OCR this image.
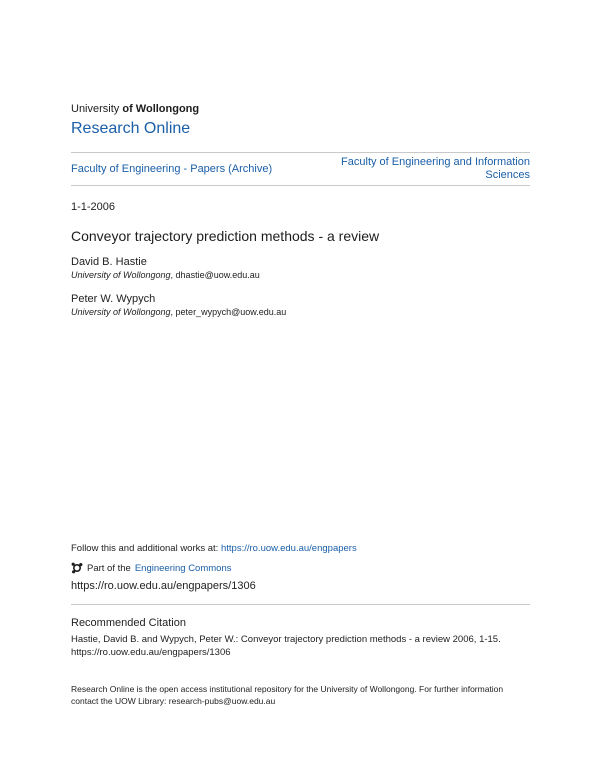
University of Wollongong
Research Online
Faculty of Engineering - Papers (Archive)
Faculty of Engineering and Information
Sciences
1-1-2006
Conveyor trajectory prediction methods - a review
David B. Hastie
University of Wollongong, dhastie@uow.edu.au
Peter W. Wypych
University of Wollongong, peter_wypych@uow.edu.au
Follow this and additional works at: https://ro.uow.edu.au/engpapers
Part of the Engineering Commons
https://ro.uow.edu.au/engpapers/1306
Recommended Citation
Hastie, David B. and Wypych, Peter W.: Conveyor trajectory prediction methods - a review 2006, 1-15.
https://ro.uow.edu.au/engpapers/1306
Research Online is the open access institutional repository for the University of Wollongong. For further information
contact the UOW Library: research-pubs@uow.edu.au
